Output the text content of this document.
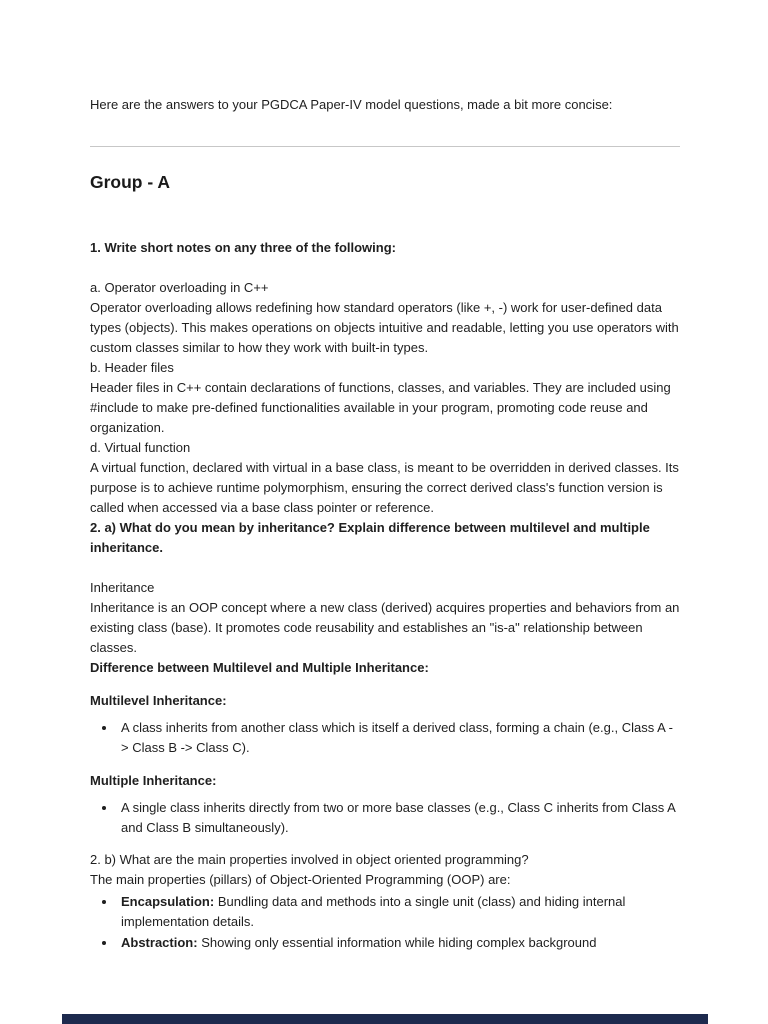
Here are the answers to your PGDCA Paper-IV model questions, made a bit more concise:

Group - A
1. Write short notes on any three of the following:

a. Operator overloading in C++

Operator overloading allows redefining how standard operators (like +, -) work for user-defined data types (objects). This makes operations on objects intuitive and readable, letting you use operators with custom classes similar to how they work with built-in types.

b. Header files

Header files in C++ contain declarations of functions, classes, and variables. They are included using #include to make pre-defined functionalities available in your program, promoting code reuse and organization.

d. Virtual function

A virtual function, declared with virtual in a base class, is meant to be overridden in derived classes. Its purpose is to achieve runtime polymorphism, ensuring the correct derived class's function version is called when accessed via a base class pointer or reference.

2. a) What do you mean by inheritance? Explain difference between multilevel and multiple inheritance.

Inheritance

Inheritance is an OOP concept where a new class (derived) acquires properties and behaviors from an existing class (base). It promotes code reusability and establishes an "is-a" relationship between classes.

Difference between Multilevel and Multiple Inheritance:

Multilevel Inheritance:

• A class inherits from another class which is itself a derived class, forming a chain (e.g., Class A -> Class B -> Class C).

Multiple Inheritance:

• A single class inherits directly from two or more base classes (e.g., Class C inherits from Class A and Class B simultaneously).

2. b) What are the main properties involved in object oriented programming?

The main properties (pillars) of Object-Oriented Programming (OOP) are:

• Encapsulation: Bundling data and methods into a single unit (class) and hiding internal implementation details.
• Abstraction: Showing only essential information while hiding complex background
